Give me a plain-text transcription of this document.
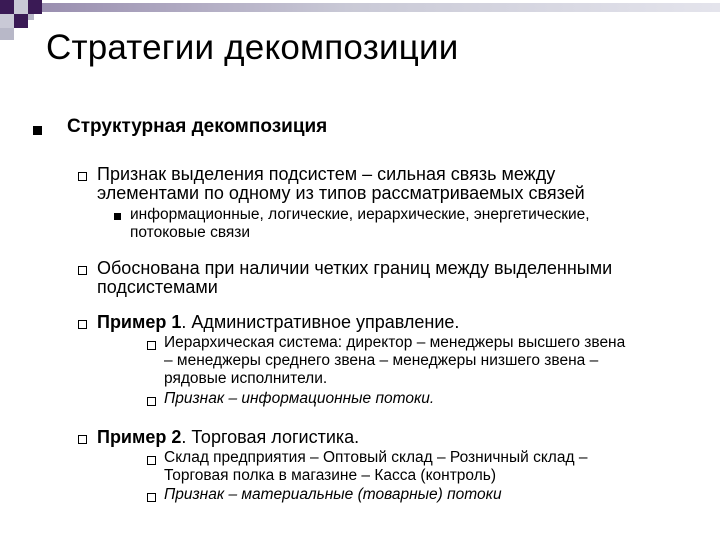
Стратегии декомпозиции
Структурная декомпозиция
Признак выделения подсистем – сильная связь между
элементами по одному из типов рассматриваемых связей
информационные, логические, иерархические, энергетические,
потоковые связи
Обоснована при наличии четких границ между выделенными
подсистемами
Пример 1. Административное управление.
Иерархическая система: директор – менеджеры высшего звена
– менеджеры среднего звена – менеджеры низшего звена –
рядовые исполнители.
Признак – информационные потоки.
Пример 2. Торговая логистика.
Склад предприятия – Оптовый склад – Розничный склад –
Торговая полка в магазине – Касса (контроль)
Признак – материальные (товарные) потоки
